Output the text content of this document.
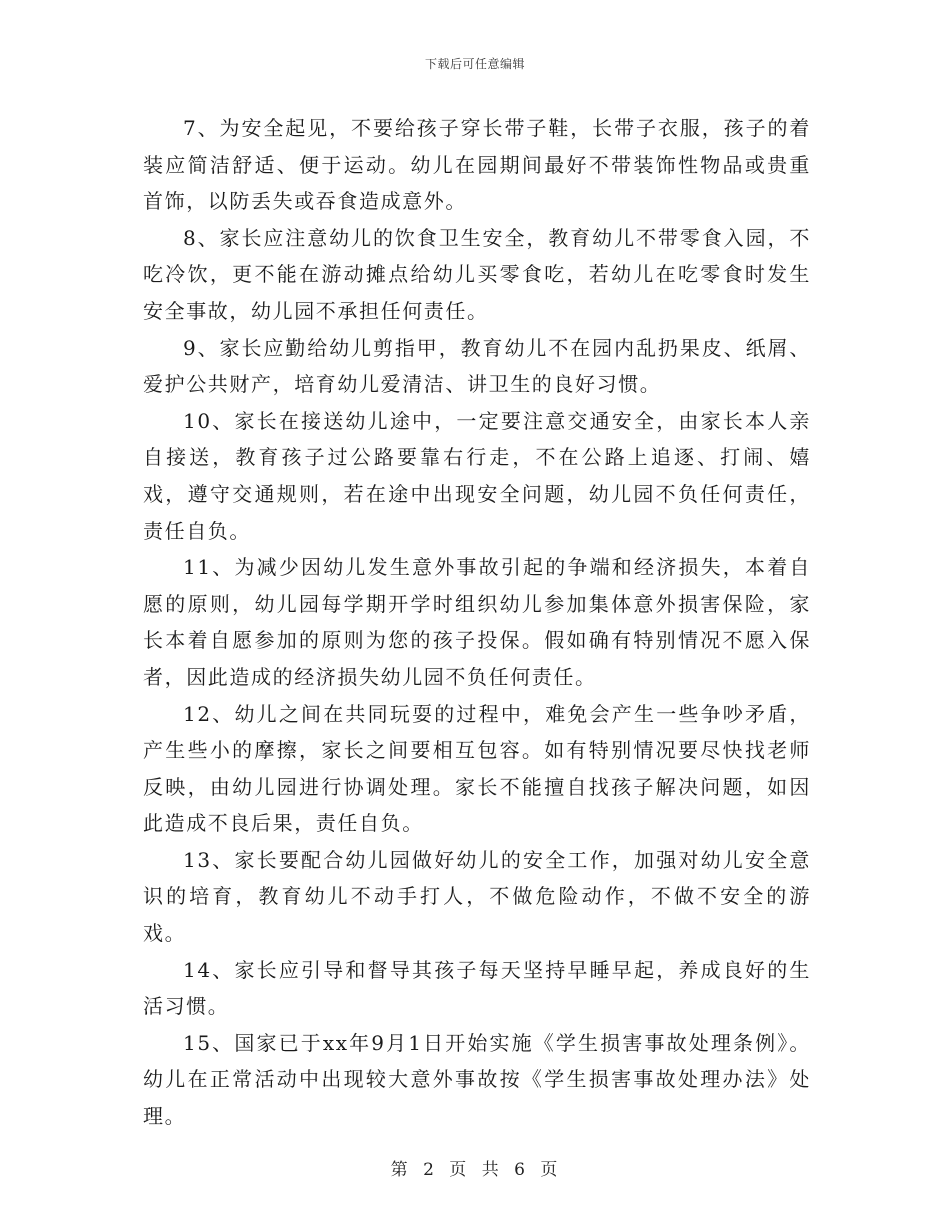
下载后可任意编辑

7、为安全起见，不要给孩子穿长带子鞋，长带子衣服，孩子的着装应简洁舒适、便于运动。幼儿在园期间最好不带装饰性物品或贵重首饰，以防丢失或吞食造成意外。

8、家长应注意幼儿的饮食卫生安全，教育幼儿不带零食入园，不吃冷饮，更不能在游动摊点给幼儿买零食吃，若幼儿在吃零食时发生安全事故，幼儿园不承担任何责任。

9、家长应勤给幼儿剪指甲，教育幼儿不在园内乱扔果皮、纸屑、爱护公共财产，培育幼儿爱清洁、讲卫生的良好习惯。

10、家长在接送幼儿途中，一定要注意交通安全，由家长本人亲自接送，教育孩子过公路要靠右行走，不在公路上追逐、打闹、嬉戏，遵守交通规则，若在途中出现安全问题，幼儿园不负任何责任，责任自负。

11、为减少因幼儿发生意外事故引起的争端和经济损失，本着自愿的原则，幼儿园每学期开学时组织幼儿参加集体意外损害保险，家长本着自愿参加的原则为您的孩子投保。假如确有特别情况不愿入保者，因此造成的经济损失幼儿园不负任何责任。

12、幼儿之间在共同玩耍的过程中，难免会产生一些争吵矛盾，产生些小的摩擦，家长之间要相互包容。如有特别情况要尽快找老师反映，由幼儿园进行协调处理。家长不能擅自找孩子解决问题，如因此造成不良后果，责任自负。

13、家长要配合幼儿园做好幼儿的安全工作，加强对幼儿安全意识的培育，教育幼儿不动手打人，不做危险动作，不做不安全的游戏。

14、家长应引导和督导其孩子每天坚持早睡早起，养成良好的生活习惯。

15、国家已于xx年9月1日开始实施《学生损害事故处理条例》。幼儿在正常活动中出现较大意外事故按《学生损害事故处理办法》处理。

第 2 页 共 6 页
